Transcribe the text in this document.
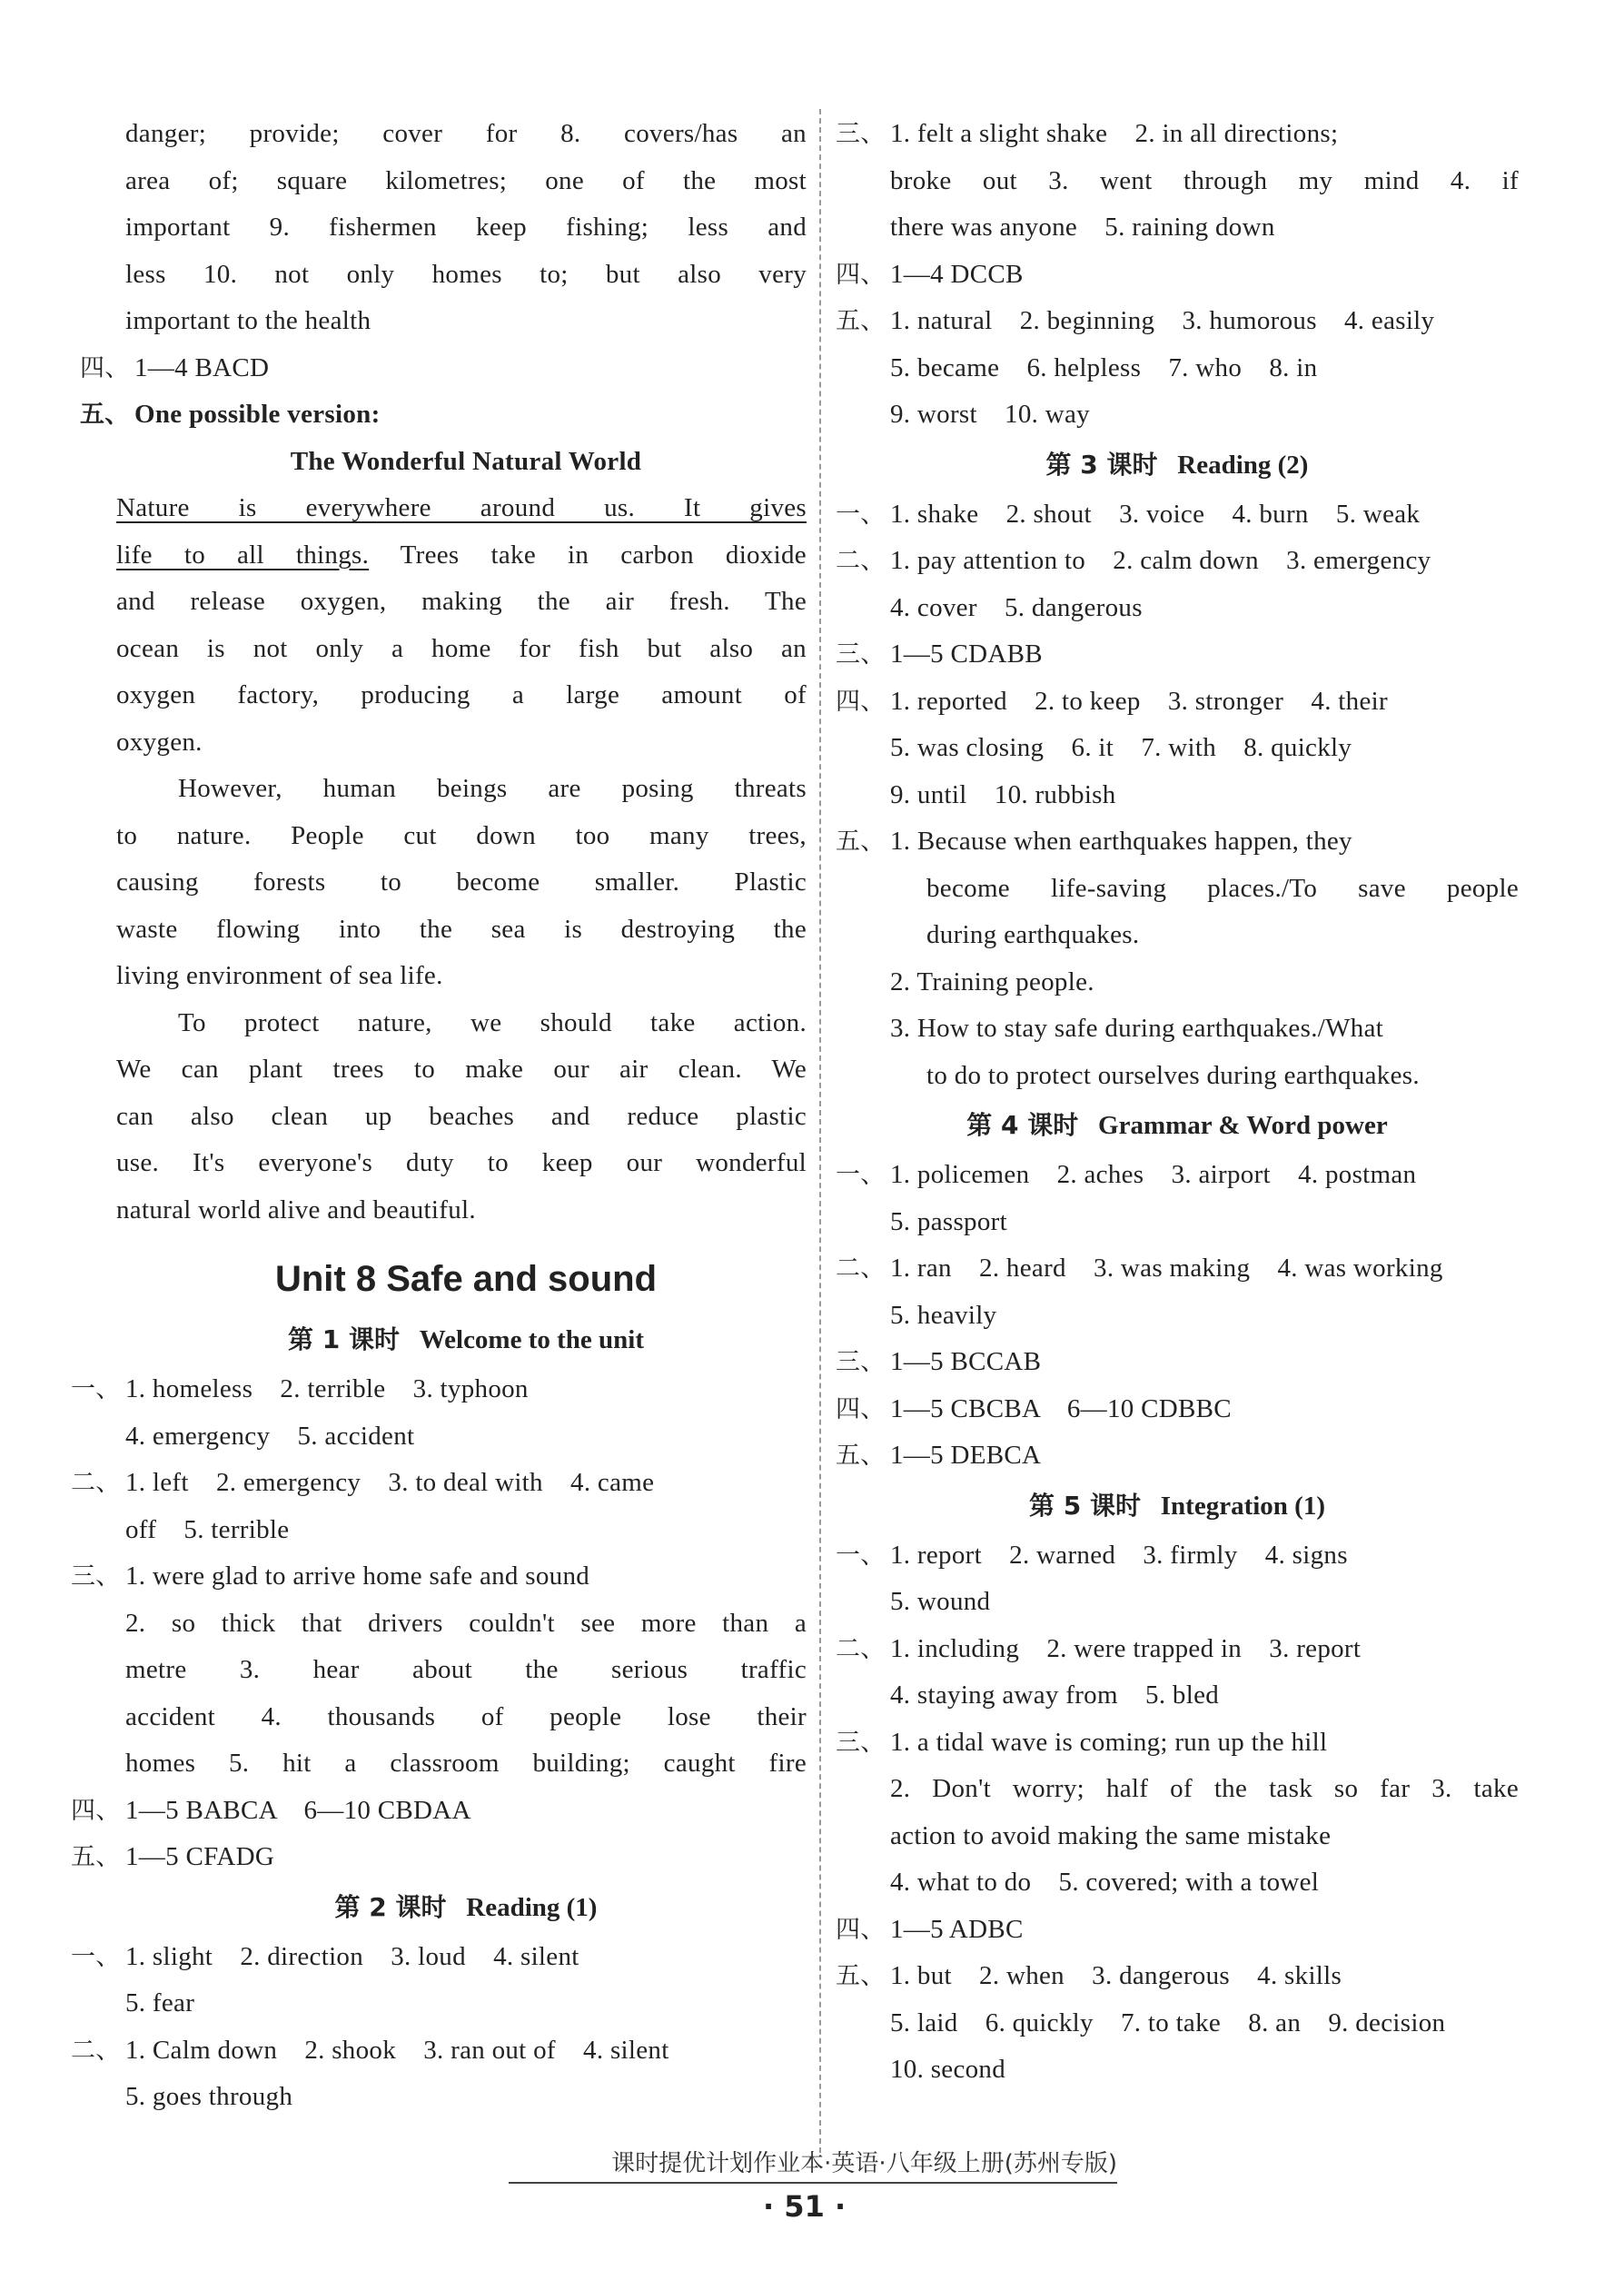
danger; provide; cover for 8. covers/has an
area of; square kilometres; one of the most
important 9. fishermen keep fishing; less and
less 10. not only homes to; but also very
important to the health
四、 1—4 BACD
五、 One possible version:
The Wonderful Natural World
Nature is everywhere around us. It gives
life to all things. Trees take in carbon dioxide
and release oxygen, making the air fresh. The
ocean is not only a home for fish but also an
oxygen factory, producing a large amount of
oxygen.
However, human beings are posing threats
to nature. People cut down too many trees,
causing forests to become smaller. Plastic
waste flowing into the sea is destroying the
living environment of sea life.
To protect nature, we should take action.
We can plant trees to make our air clean. We
can also clean up beaches and reduce plastic
use. It's everyone's duty to keep our wonderful
natural world alive and beautiful.
Unit 8 Safe and sound
第 1 课时 Welcome to the unit
一、 1. homeless    2. terrible    3. typhoon
4. emergency    5. accident
二、 1. left    2. emergency    3. to deal with    4. came
off    5. terrible
三、 1. were glad to arrive home safe and sound
2. so thick that drivers couldn't see more than a
metre 3. hear about the serious traffic
accident 4. thousands of people lose their
homes 5. hit a classroom building; caught fire
四、 1—5 BABCA    6—10 CBDAA
五、 1—5 CFADG
第 2 课时 Reading (1)
一、 1. slight    2. direction    3. loud    4. silent
5. fear
二、 1. Calm down    2. shook    3. ran out of    4. silent
5. goes through
三、 1. felt a slight shake    2. in all directions;
broke out 3. went through my mind 4. if
there was anyone    5. raining down
四、 1—4 DCCB
五、 1. natural    2. beginning    3. humorous    4. easily
5. became    6. helpless    7. who    8. in
9. worst    10. way
第 3 课时 Reading (2)
一、 1. shake    2. shout    3. voice    4. burn    5. weak
二、 1. pay attention to    2. calm down    3. emergency
4. cover    5. dangerous
三、 1—5 CDABB
四、 1. reported    2. to keep    3. stronger    4. their
5. was closing    6. it    7. with    8. quickly
9. until    10. rubbish
五、 1. Because when earthquakes happen, they
become life-saving places./To save people
during earthquakes.
2. Training people.
3. How to stay safe during earthquakes./What
to do to protect ourselves during earthquakes.
第 4 课时 Grammar & Word power
一、 1. policemen    2. aches    3. airport    4. postman
5. passport
二、 1. ran    2. heard    3. was making    4. was working
5. heavily
三、 1—5 BCCAB
四、 1—5 CBCBA    6—10 CDBBC
五、 1—5 DEBCA
第 5 课时 Integration (1)
一、 1. report    2. warned    3. firmly    4. signs
5. wound
二、 1. including    2. were trapped in    3. report
4. staying away from    5. bled
三、 1. a tidal wave is coming; run up the hill
2. Don't worry; half of the task so far 3. take
action to avoid making the same mistake
4. what to do    5. covered; with a towel
四、 1—5 ADBC
五、 1. but    2. when    3. dangerous    4. skills
5. laid    6. quickly    7. to take    8. an    9. decision
10. second
课时提优计划作业本·英语·八年级上册(苏州专版)
· 51 ·
